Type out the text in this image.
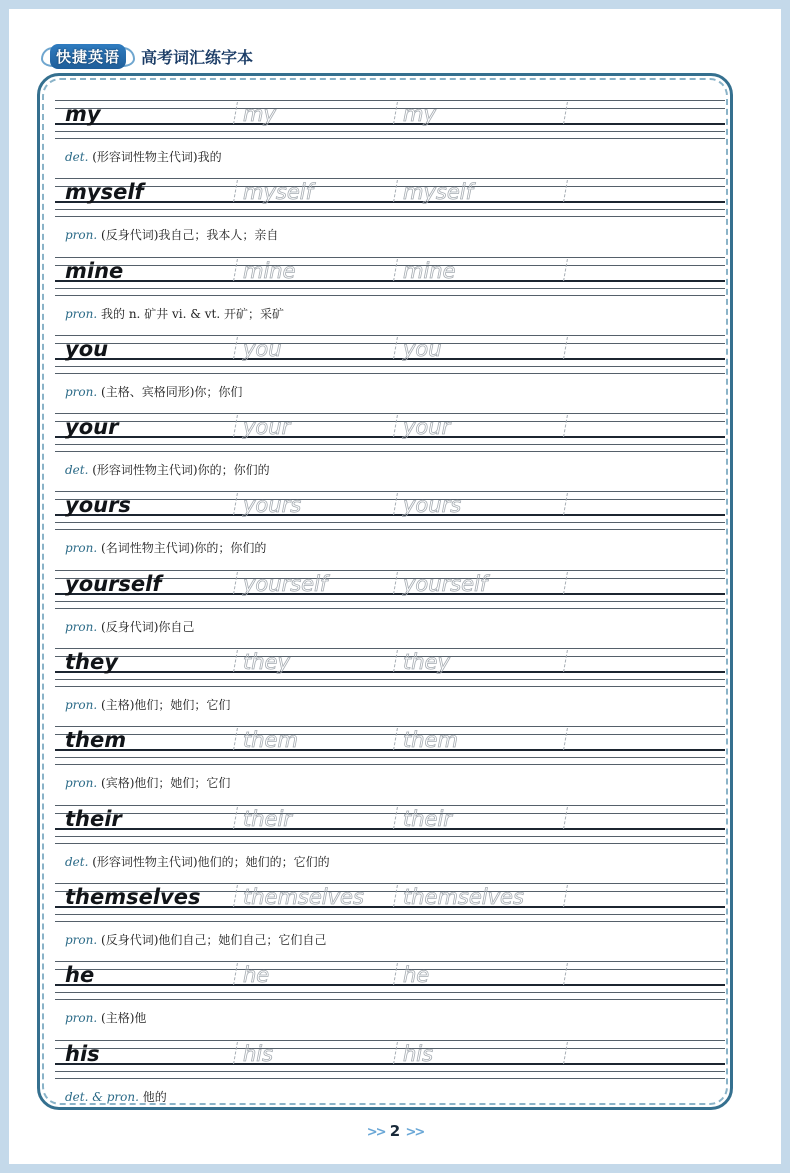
快捷英语	高考词汇练字本
my	my	my
det. (形容词性物主代词)我的
myself	myself	myself
pron. (反身代词)我自己；我本人；亲自
mine	mine	mine
pron. 我的 n. 矿井 vi. & vt. 开矿；采矿
you	you	you
pron. (主格、宾格同形)你；你们
your	your	your
det. (形容词性物主代词)你的；你们的
yours	yours	yours
pron. (名词性物主代词)你的；你们的
yourself	yourself	yourself
pron. (反身代词)你自己
they	they	they
pron. (主格)他们；她们；它们
them	them	them
pron. (宾格)他们；她们；它们
their	their	their
det. (形容词性物主代词)他们的；她们的；它们的
themselves themselves themselves
pron. (反身代词)他们自己；她们自己；它们自己
he	he	he
pron. (主格)他
his	his	his
det. & pron. 他的
>> 2 >>
